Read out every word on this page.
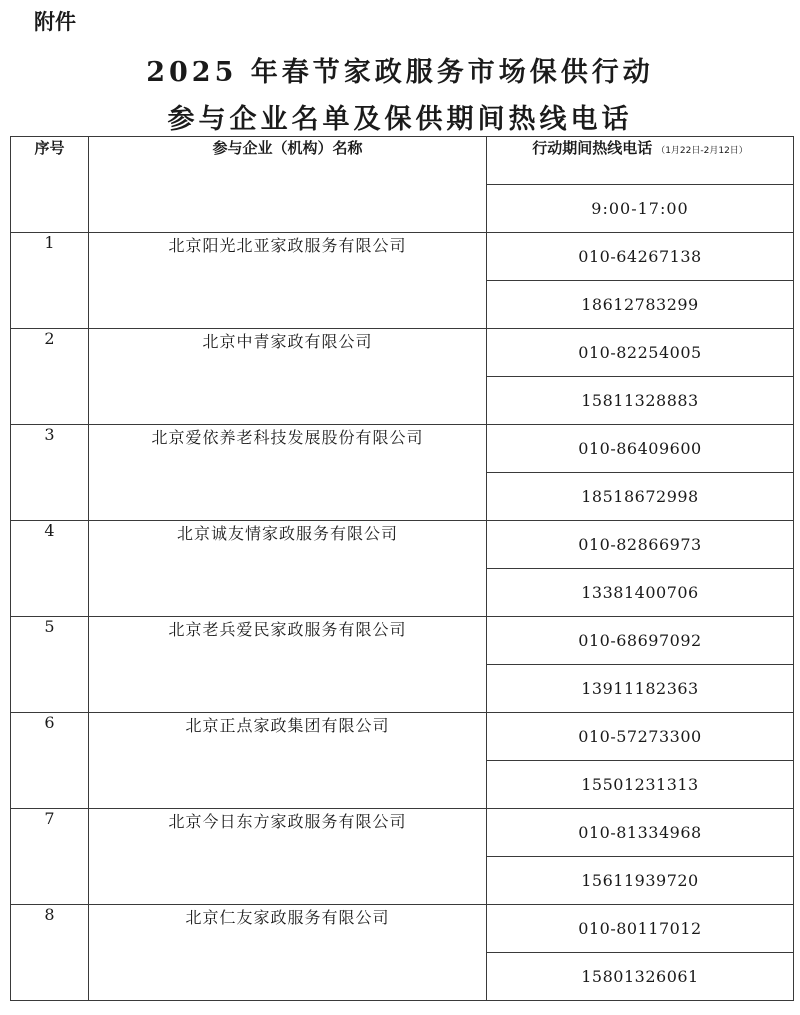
附件
2025 年春节家政服务市场保供行动
参与企业名单及保供期间热线电话
序号	参与企业（机构）名称	行动期间热线电话 （1月22日-2月12日）
		9:00-17:00
1	北京阳光北亚家政服务有限公司	010-64267138
		18612783299
2	北京中青家政有限公司	010-82254005
		15811328883
3	北京爱依养老科技发展股份有限公司	010-86409600
		18518672998
4	北京诚友情家政服务有限公司	010-82866973
		13381400706
5	北京老兵爱民家政服务有限公司	010-68697092
		13911182363
6	北京正点家政集团有限公司	010-57273300
		15501231313
7	北京今日东方家政服务有限公司	010-81334968
		15611939720
8	北京仁友家政服务有限公司	010-80117012
		15801326061
